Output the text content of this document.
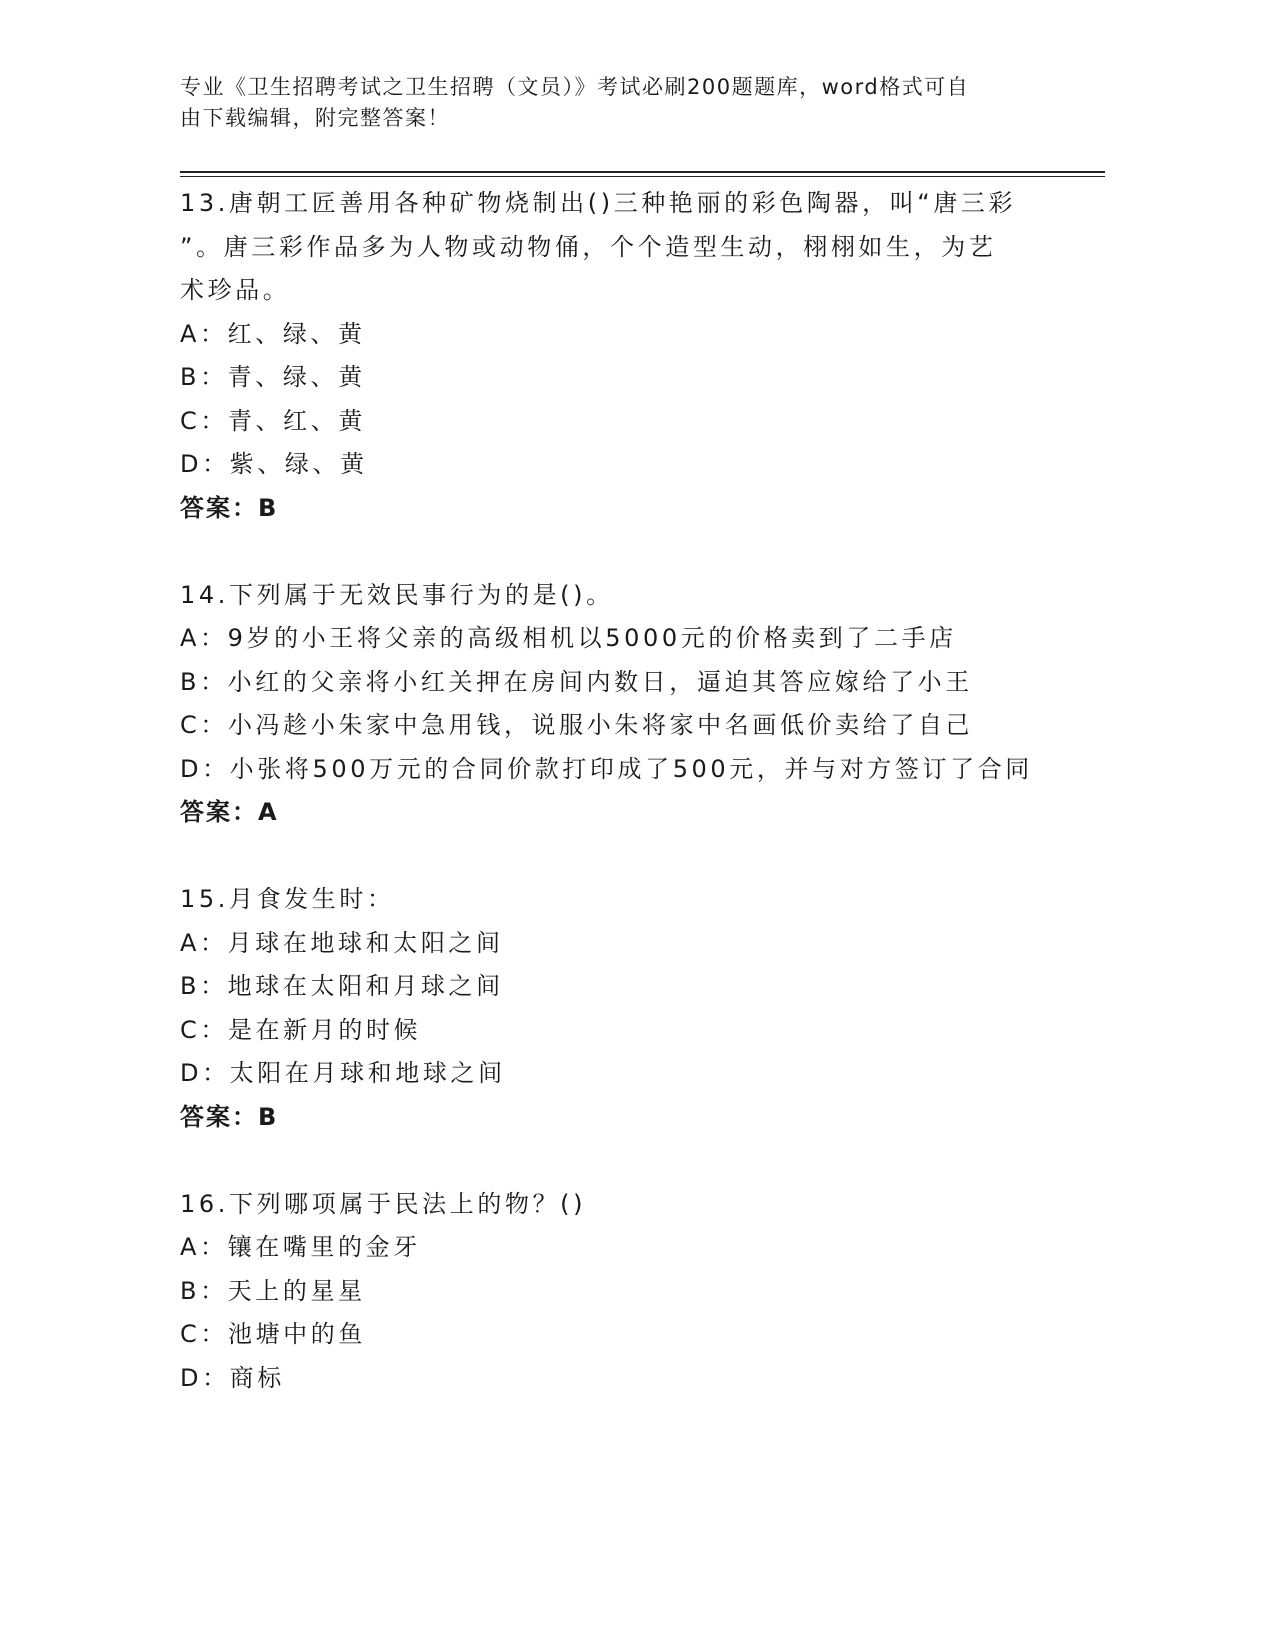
专业《卫生招聘考试之卫生招聘（文员）》考试必刷200题题库，word格式可自
由下载编辑，附完整答案！
13.唐朝工匠善用各种矿物烧制出()三种艳丽的彩色陶器，叫“唐三彩
”。唐三彩作品多为人物或动物俑，个个造型生动，栩栩如生，为艺
术珍品。
A：红、绿、黄
B：青、绿、黄
C：青、红、黄
D：紫、绿、黄
答案：B
14.下列属于无效民事行为的是()。
A：9岁的小王将父亲的高级相机以5000元的价格卖到了二手店
B：小红的父亲将小红关押在房间内数日，逼迫其答应嫁给了小王
C：小冯趁小朱家中急用钱，说服小朱将家中名画低价卖给了自己
D：小张将500万元的合同价款打印成了500元，并与对方签订了合同
答案：A
15.月食发生时：
A：月球在地球和太阳之间
B：地球在太阳和月球之间
C：是在新月的时候
D：太阳在月球和地球之间
答案：B
16.下列哪项属于民法上的物？()
A：镶在嘴里的金牙
B：天上的星星
C：池塘中的鱼
D：商标
